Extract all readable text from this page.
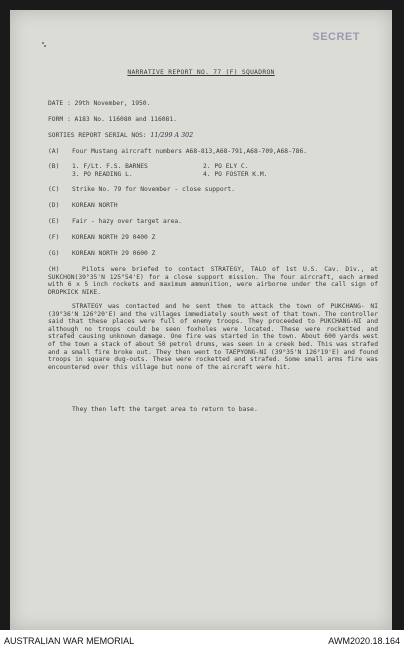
SECRET
NARRATIVE REPORT NO. 77 (F) SQUADRON
DATE : 29th November, 1950.
FORM : A183 No. 116080 and 116081.
SORTIES REPORT SERIAL NOS: 11/299 A 302
(A) Four Mustang aircraft numbers A68-813,A68-791,A68-709,A68-786.
(B) 1. F/Lt. F.S. BARNES	2. PO ELY C.
3. PO READING L.	4. PO FOSTER K.M.
(C) Strike No. 79 for November - close support.
(D) KOREAN NORTH
(E) Fair - hazy over target area.
(F) KOREAN NORTH 29 0400 Z
(G) KOREAN NORTH 29 0600 Z
(H)	Pilots were briefed to contact STRATEGY, TALO of 1st U.S. Cav. Div., at SUKCHON(39°35'N 125°54'E) for a close support mission. The four aircraft, each armed with 6 x 5 inch rockets and maximum ammunition, were airborne under the call sign of DROPKICK NIKE.
STRATEGY was contacted and he sent them to attack the town of PUKCHANG- NI (39°36'N 126°20'E) and the villages immediately south west of that town. The controller said that these places were full of enemy troops. They proceeded to PUKCHANG-NI and although no troops could be seen foxholes were located. These were rocketted and strafed causing unknown damage. One fire was started in the town. About 600 yards west of the town a stack of about 50 petrol drums, was seen in a creek bed. This was strafed and a small fire broke out. They then went to TAEPYONG-NI (39°35'N 126°19'E) and found troops in square dug-outs. These were rocketted and strafed. Some small arms fire was encountered over this village but none of the aircraft were hit.
They then left the target area to return to base.
AUSTRALIAN WAR MEMORIAL	AWM2020.18.164
